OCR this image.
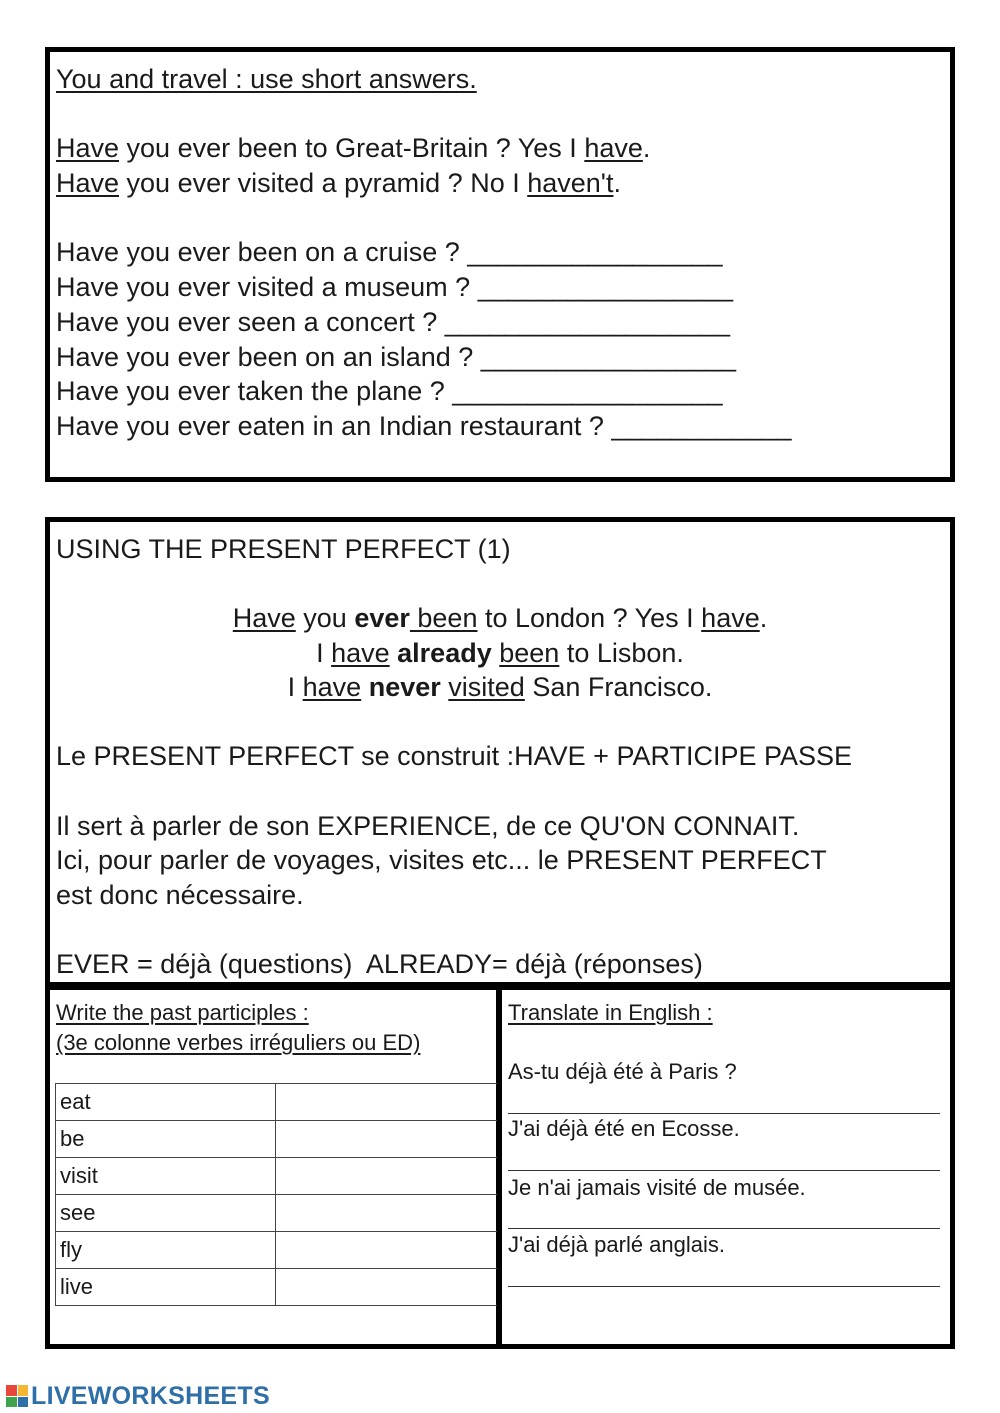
You and travel : use short answers.
Have you ever been to Great-Britain ? Yes I have.
Have you ever visited a pyramid ? No I haven't.
Have you ever been on a cruise ? _________________
Have you ever visited a museum ? _________________
Have you ever seen a concert ? ___________________
Have you ever been on an island ? _________________
Have you ever taken the plane ? __________________
Have you ever eaten in an Indian restaurant ? ____________
USING THE PRESENT PERFECT (1)
Have you ever been to London ? Yes I have.
I have already been to Lisbon.
I have never visited San Francisco.
Le PRESENT PERFECT se construit :HAVE + PARTICIPE PASSE
Il sert à parler de son EXPERIENCE, de ce QU'ON CONNAIT.
Ici, pour parler de voyages, visites etc... le PRESENT PERFECT
est donc nécessaire.
EVER = déjà (questions)  ALREADY= déjà (réponses)
Write the past participles :
(3e colonne verbes irréguliers ou ED)
eat	
be	
visit	
see	
fly	
live	
Translate in English :
As-tu déjà été à Paris ?
J'ai déjà été en Ecosse.
Je n'ai jamais visité de musée.
J'ai déjà parlé anglais.
LIVEWORKSHEETS
